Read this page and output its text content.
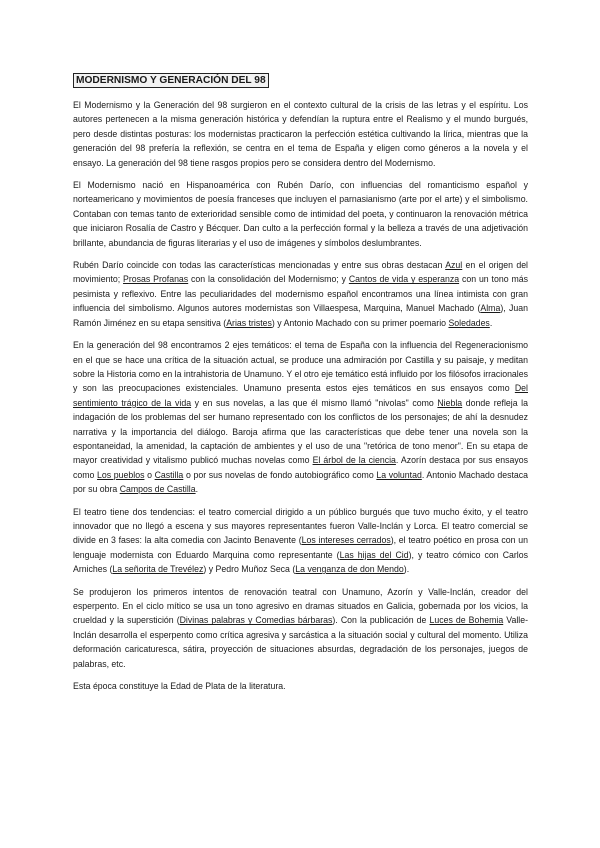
MODERNISMO Y GENERACIÓN DEL 98

El Modernismo y la Generación del 98 surgieron en el contexto cultural de la crisis de las letras y el espíritu. Los autores pertenecen a la misma generación histórica y defendían la ruptura entre el Realismo y el mundo burgués, pero desde distintas posturas: los modernistas practicaron la perfección estética cultivando la lírica, mientras que la generación del 98 prefería la reflexión, se centra en el tema de España y eligen como géneros a la novela y el ensayo. La generación del 98 tiene rasgos propios pero se considera dentro del Modernismo.

El Modernismo nació en Hispanoamérica con Rubén Darío, con influencias del romanticismo español y norteamericano y movimientos de poesía franceses que incluyen el parnasianismo (arte por el arte) y el simbolismo. Contaban con temas tanto de exterioridad sensible como de intimidad del poeta, y continuaron la renovación métrica que iniciaron Rosalía de Castro y Bécquer. Dan culto a la perfección formal y la belleza a través de una adjetivación brillante, abundancia de figuras literarias y el uso de imágenes y símbolos deslumbrantes.

Rubén Darío coincide con todas las características mencionadas y entre sus obras destacan Azul en el origen del movimiento; Prosas Profanas con la consolidación del Modernismo; y Cantos de vida y esperanza con un tono más pesimista y reflexivo. Entre las peculiaridades del modernismo español encontramos una línea intimista con gran influencia del simbolismo. Algunos autores modernistas son Villaespesa, Marquina, Manuel Machado (Alma), Juan Ramón Jiménez en su etapa sensitiva (Arias tristes) y Antonio Machado con su primer poemario Soledades.

En la generación del 98 encontramos 2 ejes temáticos: el tema de España con la influencia del Regeneracionismo en el que se hace una crítica de la situación actual, se produce una admiración por Castilla y su paisaje, y meditan sobre la Historia como en la intrahistoria de Unamuno. Y el otro eje temático está influido por los filósofos irracionales y son las preocupaciones existenciales. Unamuno presenta estos ejes temáticos en sus ensayos como Del sentimiento trágico de la vida y en sus novelas, a las que él mismo llamó "nivolas" como Niebla donde refleja la indagación de los problemas del ser humano representado con los conflictos de los personajes; de ahí la desnudez narrativa y la importancia del diálogo. Baroja afirma que las características que debe tener una novela son la espontaneidad, la amenidad, la captación de ambientes y el uso de una "retórica de tono menor". En su etapa de mayor creatividad y vitalismo publicó muchas novelas como El árbol de la ciencia. Azorín destaca por sus ensayos como Los pueblos o Castilla o por sus novelas de fondo autobiográfico como La voluntad. Antonio Machado destaca por su obra Campos de Castilla.

El teatro tiene dos tendencias: el teatro comercial dirigido a un público burgués que tuvo mucho éxito, y el teatro innovador que no llegó a escena y sus mayores representantes fueron Valle-Inclán y Lorca. El teatro comercial se divide en 3 fases: la alta comedia con Jacinto Benavente (Los intereses cerrados), el teatro poético en prosa con un lenguaje modernista con Eduardo Marquina como representante (Las hijas del Cid), y teatro cómico con Carlos Arniches (La señorita de Trevélez) y Pedro Muñoz Seca (La venganza de don Mendo).

Se produjeron los primeros intentos de renovación teatral con Unamuno, Azorín y Valle-Inclán, creador del esperpento. En el ciclo mítico se usa un tono agresivo en dramas situados en Galicia, gobernada por los vicios, la crueldad y la superstición (Divinas palabras y Comedias bárbaras). Con la publicación de Luces de Bohemia Valle-Inclán desarrolla el esperpento como crítica agresiva y sarcástica a la situación social y cultural del momento. Utiliza deformación caricaturesca, sátira, proyección de situaciones absurdas, degradación de los personajes, juegos de palabras, etc.

Esta época constituye la Edad de Plata de la literatura.
